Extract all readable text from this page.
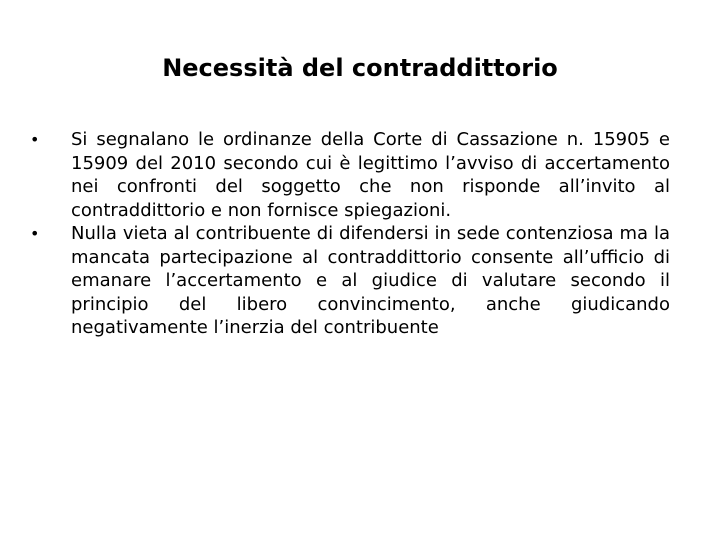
Necessità del contraddittorio
• Si segnalano le ordinanze della Corte di Cassazione n. 15905 e 15909 del 2010 secondo cui è legittimo l’avviso di accertamento nei confronti del soggetto che non risponde all’invito al contraddittorio e non fornisce spiegazioni.
• Nulla vieta al contribuente di difendersi in sede contenziosa ma la mancata partecipazione al contraddittorio consente all’ufficio di emanare l’accertamento e al giudice di valutare secondo il principio del libero convincimento, anche giudicando negativamente l’inerzia del contribuente
